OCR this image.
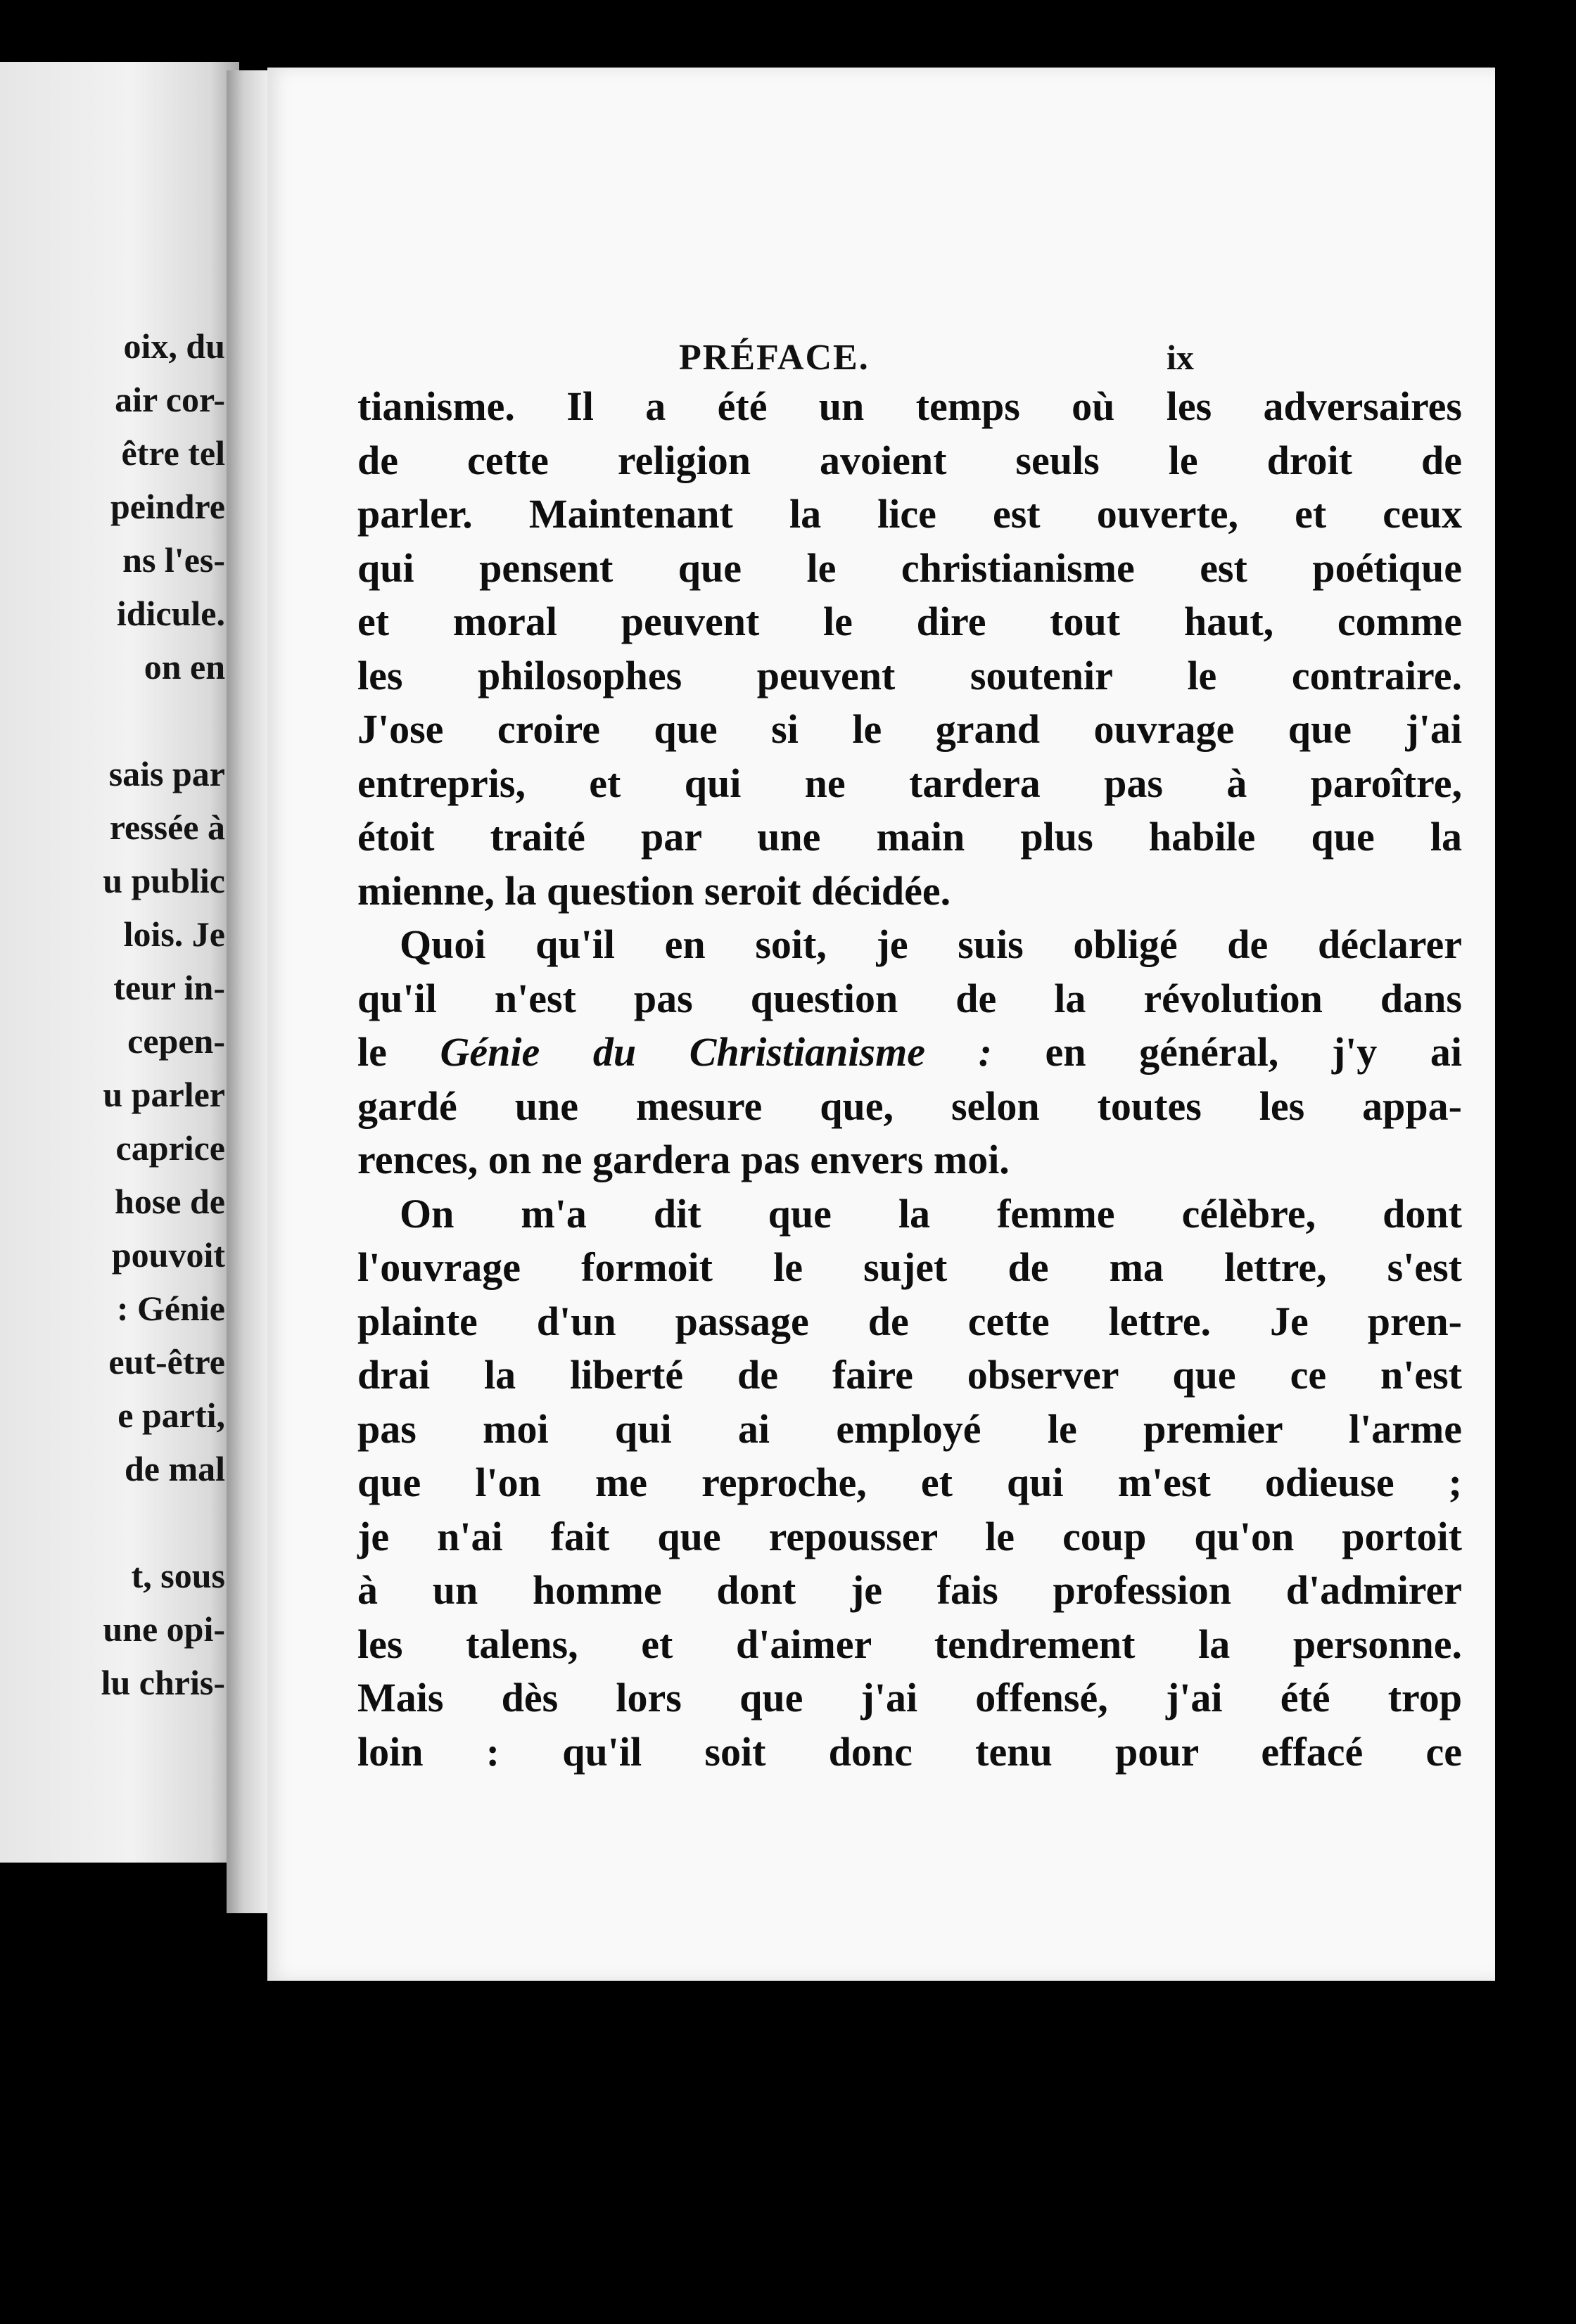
oix, du
air cor-
être tel
peindre
ns l'es-
idicule.
on en
sais par
ressée à
u public
lois. Je
teur in-
cepen-
u parler
caprice
hose de
pouvoit
: Génie
eut-être
e parti,
de mal
t, sous
une opi-
lu chris-
PRÉFACE.	ix
tianisme. Il a été un temps où les adversaires
de cette religion avoient seuls le droit de
parler. Maintenant la lice est ouverte, et ceux
qui pensent que le christianisme est poétique
et moral peuvent le dire tout haut, comme
les philosophes peuvent soutenir le contraire.
J'ose croire que si le grand ouvrage que j'ai
entrepris, et qui ne tardera pas à paroître,
étoit traité par une main plus habile que la
mienne, la question seroit décidée.
Quoi qu'il en soit, je suis obligé de déclarer
qu'il n'est pas question de la révolution dans
le Génie du Christianisme : en général, j'y ai
gardé une mesure que, selon toutes les appa-
rences, on ne gardera pas envers moi.
On m'a dit que la femme célèbre, dont
l'ouvrage formoit le sujet de ma lettre, s'est
plainte d'un passage de cette lettre. Je pren-
drai la liberté de faire observer que ce n'est
pas moi qui ai employé le premier l'arme
que l'on me reproche, et qui m'est odieuse ;
je n'ai fait que repousser le coup qu'on portoit
à un homme dont je fais profession d'admirer
les talens, et d'aimer tendrement la personne.
Mais dès lors que j'ai offensé, j'ai été trop
loin : qu'il soit donc tenu pour effacé ce
